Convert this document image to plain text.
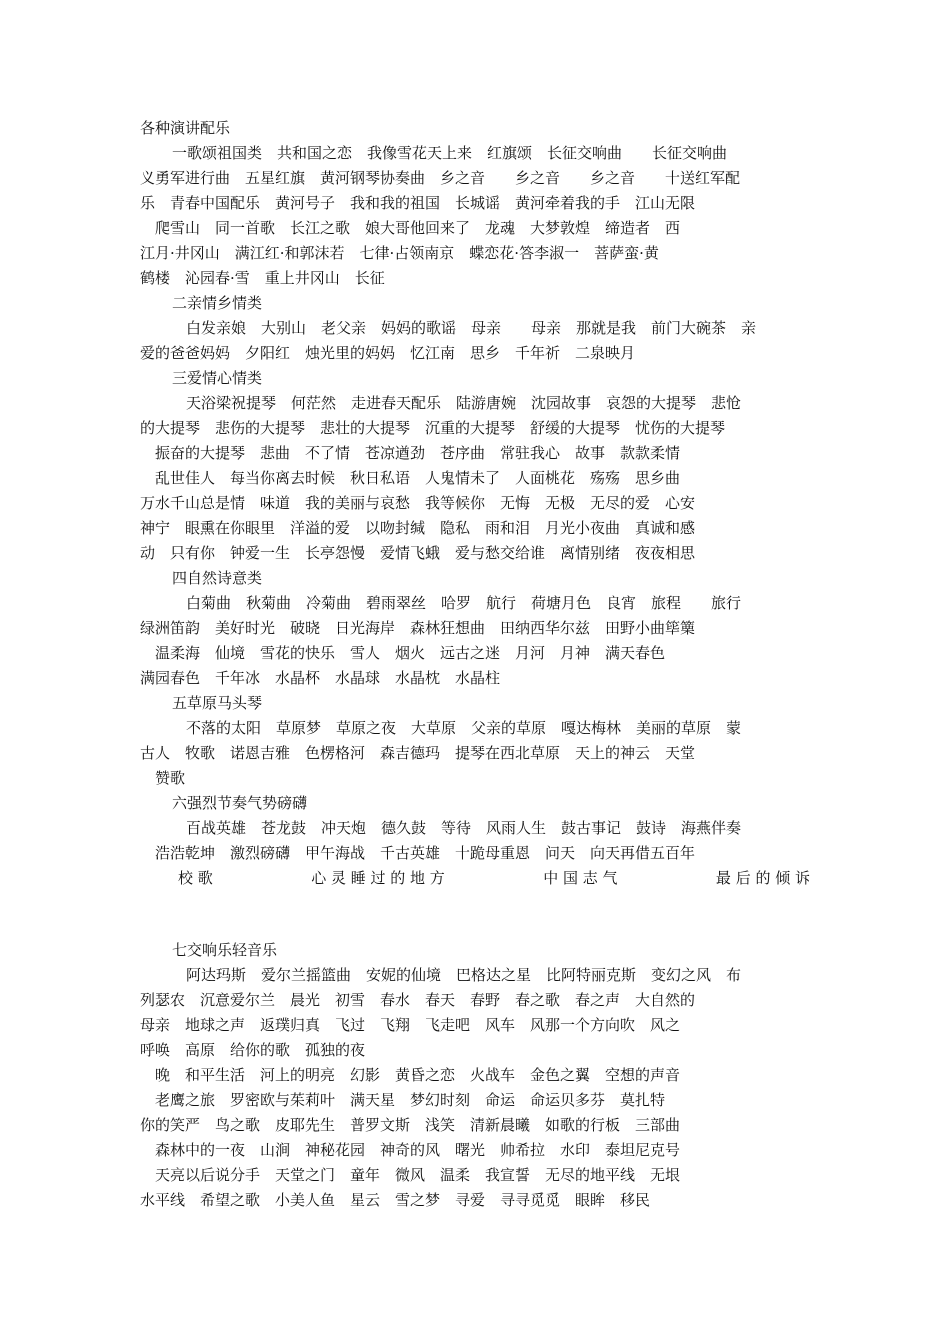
各种演讲配乐
一歌颂祖国类　共和国之恋　我像雪花天上来　红旗颂　长征交响曲　　长征交响曲
义勇军进行曲　五星红旗　黄河钢琴协奏曲　乡之音　　乡之音　　乡之音　　十送红军配
乐　青春中国配乐　黄河号子　我和我的祖国　长城谣　黄河牵着我的手　江山无限
　爬雪山　同一首歌　长江之歌　娘大哥他回来了　龙魂　大梦敦煌　缔造者　西
江月·井冈山　满江红·和郭沫若　七律·占领南京　蝶恋花·答李淑一　菩萨蛮·黄
鹤楼　沁园春·雪　重上井冈山　长征
二亲情乡情类
白发亲娘　大别山　老父亲　妈妈的歌谣　母亲　　母亲　那就是我　前门大碗茶　亲
爱的爸爸妈妈　夕阳红　烛光里的妈妈　忆江南　思乡　千年祈　二泉映月
三爱情心情类
天浴梁祝提琴　何茫然　走进春天配乐　陆游唐婉　沈园故事　哀怨的大提琴　悲怆
的大提琴　悲伤的大提琴　悲壮的大提琴　沉重的大提琴　舒缓的大提琴　忧伤的大提琴
　振奋的大提琴　悲曲　不了情　苍凉遒劲　苍序曲　常驻我心　故事　款款柔情
　乱世佳人　每当你离去时候　秋日私语　人鬼情未了　人面桃花　殇殇　思乡曲
万水千山总是情　味道　我的美丽与哀愁　我等候你　无悔　无极　无尽的爱　心安
神宁　眼熏在你眼里　洋溢的爱　以吻封缄　隐私　雨和泪　月光小夜曲　真诚和感
动　只有你　钟爱一生　长亭怨慢　爱情飞蛾　爱与愁交给谁　离情别绪　夜夜相思
四自然诗意类
白菊曲　秋菊曲　冷菊曲　碧雨翠丝　哈罗　航行　荷塘月色　良宵　旅程　　旅行
绿洲笛韵　美好时光　破晓　日光海岸　森林狂想曲　田纳西华尔兹　田野小曲筚篥
　温柔海　仙境　雪花的快乐　雪人　烟火　远古之迷　月河　月神　满天春色
满园春色　千年冰　水晶杯　水晶球　水晶枕　水晶柱
五草原马头琴
不落的太阳　草原梦　草原之夜　大草原　父亲的草原　嘎达梅林　美丽的草原　蒙
古人　牧歌　诺恩吉雅　色楞格河　森吉德玛　提琴在西北草原　天上的神云　天堂
　赞歌
六强烈节奏气势磅礴
百战英雄　苍龙鼓　冲天炮　德久鼓　等待　风雨人生　鼓古事记　鼓诗　海燕伴奏
　浩浩乾坤　激烈磅礴　甲午海战　千古英雄　十跪母重恩　问天　向天再借五百年
校 歌	心 灵 睡 过 的 地 方	中 国 志 气	最 后 的 倾 诉
七交响乐轻音乐
阿达玛斯　爱尔兰摇篮曲　安妮的仙境　巴格达之星　比阿特丽克斯　变幻之风　布
列瑟农　沉意爱尔兰　晨光　初雪　春水　春天　春野　春之歌　春之声　大自然的
母亲　地球之声　返璞归真　飞过　飞翔　飞走吧　风车　风那一个方向吹　风之
呼唤　高原　给你的歌　孤独的夜
　晚　和平生活　河上的明亮　幻影　黄昏之恋　火战车　金色之翼　空想的声音
　老鹰之旅　罗密欧与茱莉叶　满天星　梦幻时刻　命运　命运贝多芬　莫扎特
你的笑严　鸟之歌　皮耶先生　普罗文斯　浅笑　清新晨曦　如歌的行板　三部曲
　森林中的一夜　山涧　神秘花园　神奇的风　曙光　帅希拉　水印　泰坦尼克号
　天亮以后说分手　天堂之门　童年　微风　温柔　我宣誓　无尽的地平线　无垠
水平线　希望之歌　小美人鱼　星云　雪之梦　寻爱　寻寻觅觅　眼眸　移民
